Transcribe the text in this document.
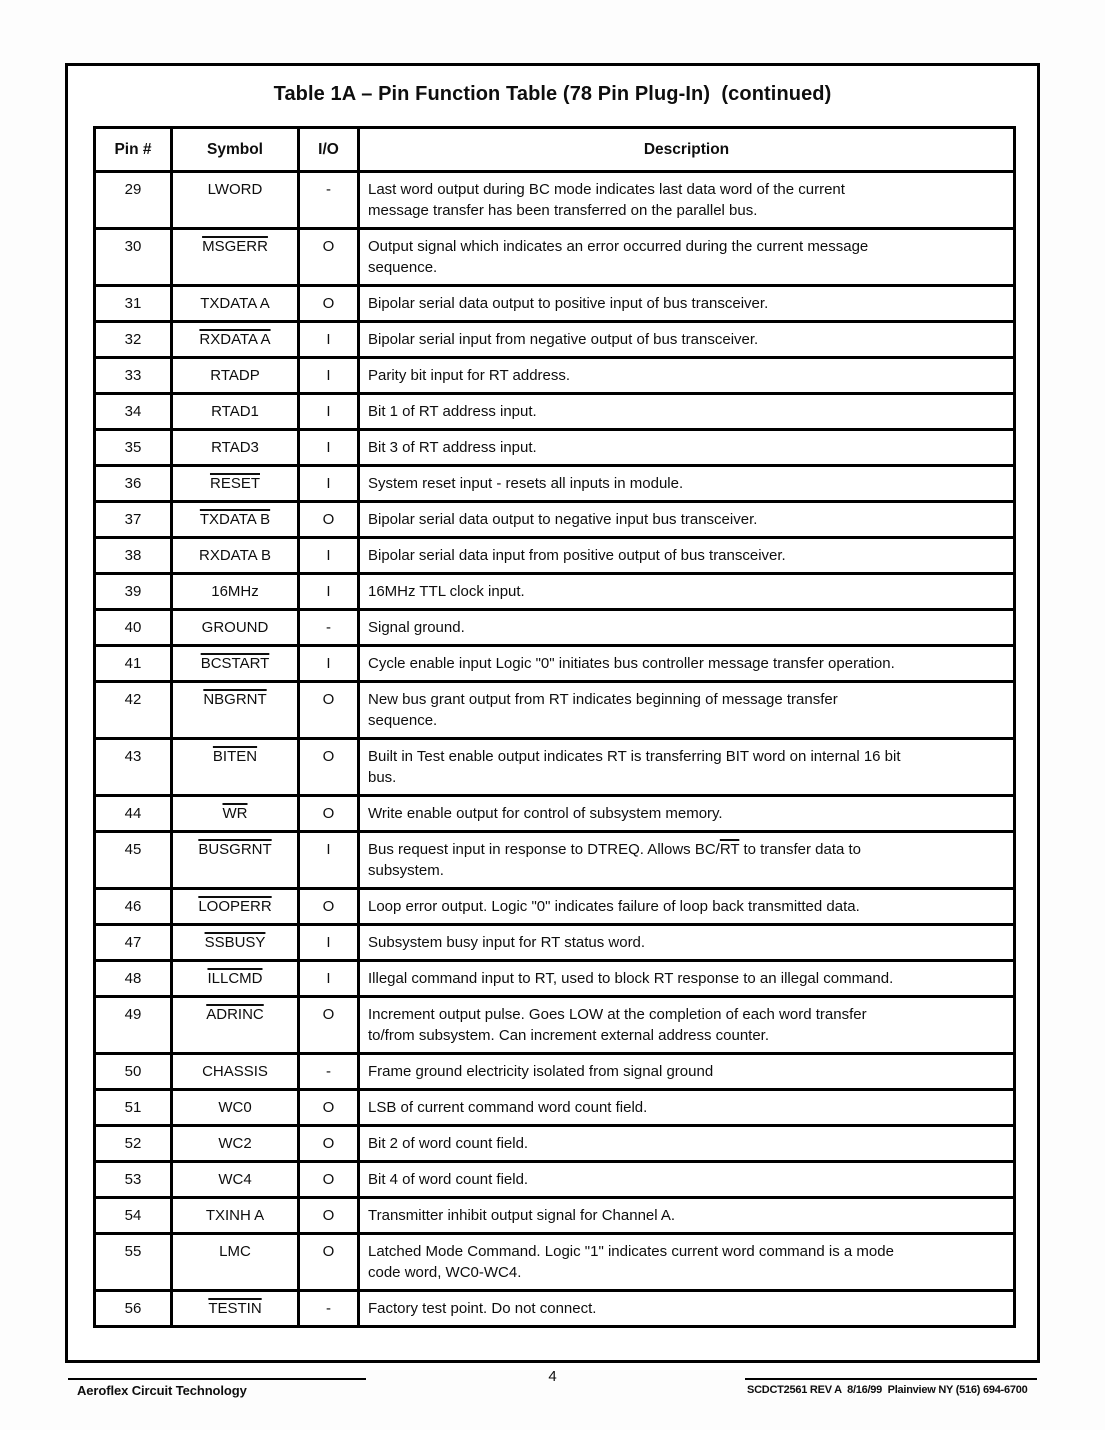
Table 1A – Pin Function Table (78 Pin Plug-In)  (continued)
Pin #	Symbol	I/O	Description
29	LWORD	-	Last word output during BC mode indicates last data word of the current
message transfer has been transferred on the parallel bus.

30	MSGERR	O	Output signal which indicates an error occurred during the current message
sequence.

31	TXDATA A	O	Bipolar serial data output to positive input of bus transceiver.

32	RXDATA A	I	Bipolar serial input from negative output of bus transceiver.

33	RTADP	I	Parity bit input for RT address.

34	RTAD1	I	Bit 1 of RT address input.

35	RTAD3	I	Bit 3 of RT address input.

36	RESET	I	System reset input - resets all inputs in module.

37	TXDATA B	O	Bipolar serial data output to negative input bus transceiver.

38	RXDATA B	I	Bipolar serial data input from positive output of bus transceiver.

39	16MHz	I	16MHz TTL clock input.

40	GROUND	-	Signal ground.

41	BCSTART	I	Cycle enable input Logic "0" initiates bus controller message transfer operation.

42	NBGRNT	O	New bus grant output from RT indicates beginning of message transfer
sequence.

43	BITEN	O	Built in Test enable output indicates RT is transferring BIT word on internal 16 bit
bus.

44	$\overline{WR}$	O	Write enable output for control of subsystem memory.

45	BUSGRNT	I	Bus request input in response to DTREQ. Allows $BC/\overline{RT}$ to transfer data to
subsystem.

46	LOOPERR	O	Loop error output. Logic "0" indicates failure of loop back transmitted data.

47	SSBUSY	I	Subsystem busy input for RT status word.

48	ILLCMD	I	Illegal command input to RT, used to block RT response to an illegal command.

49	ADRINC	O	Increment output pulse. Goes LOW at the completion of each word transfer
to/from subsystem. Can increment external address counter.

50	CHASSIS	-	Frame ground electricity isolated from signal ground

51	WC0	O	LSB of current command word count field.

52	WC2	O	Bit 2 of word count field.

53	WC4	O	Bit 4 of word count field.

54	TXINH A	O	Transmitter inhibit output signal for Channel A.

55	LMC	O	Latched Mode Command. Logic "1" indicates current word command is a mode
code word, WC0-WC4.

56	TESTIN	-	Factory test point. Do not connect.
Aeroflex Circuit Technology
4
SCDCT2561 REV A  8/16/99  Plainview NY (516) 694-6700
